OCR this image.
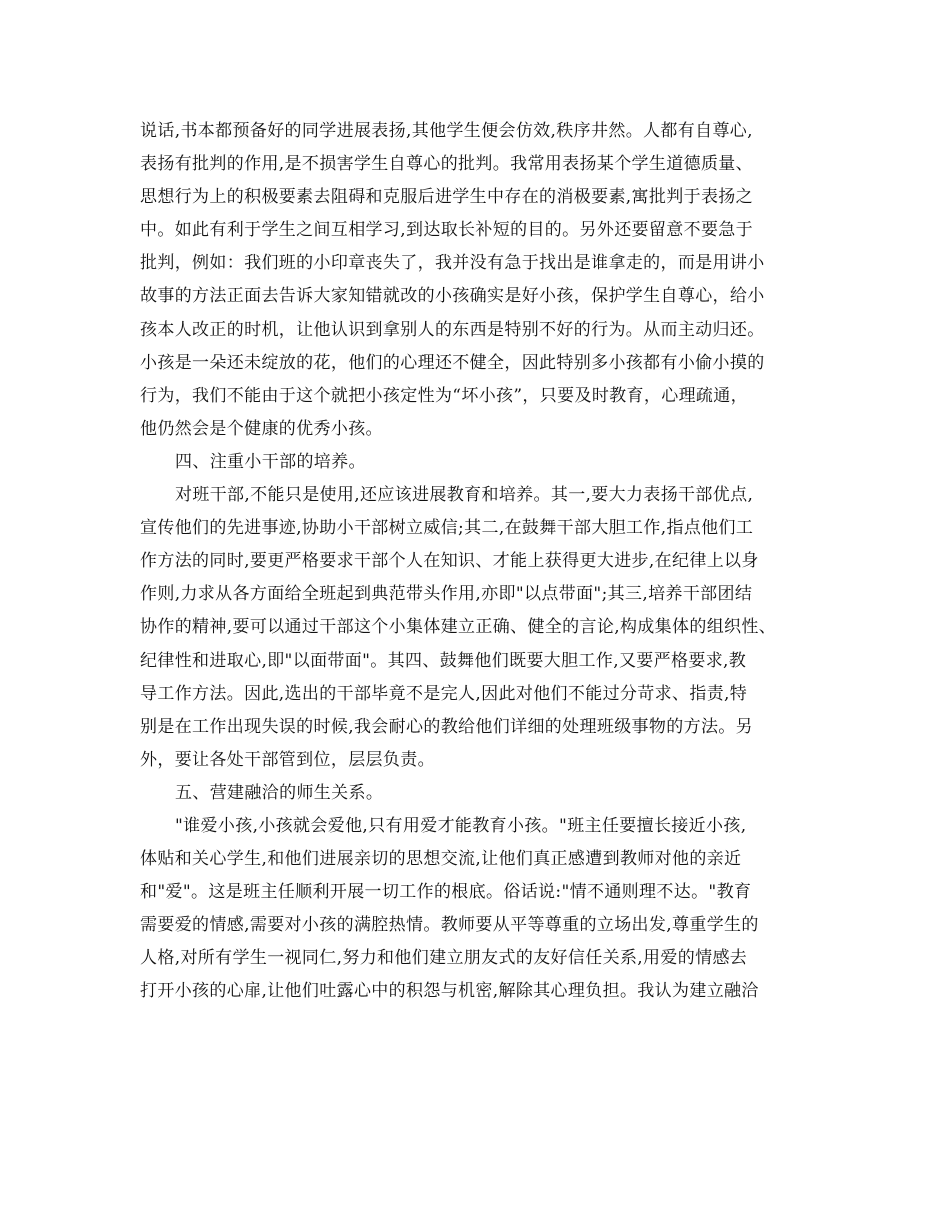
说话,书本都预备好的同学进展表扬,其他学生便会仿效,秩序井然。人都有自尊心,
表扬有批判的作用,是不损害学生自尊心的批判。我常用表扬某个学生道德质量、
思想行为上的积极要素去阻碍和克服后进学生中存在的消极要素,寓批判于表扬之
中。如此有利于学生之间互相学习,到达取长补短的目的。另外还要留意不要急于
批判，例如：我们班的小印章丧失了，我并没有急于找出是谁拿走的，而是用讲小
故事的方法正面去告诉大家知错就改的小孩确实是好小孩，保护学生自尊心，给小
孩本人改正的时机，让他认识到拿别人的东西是特别不好的行为。从而主动归还。
小孩是一朵还未绽放的花，他们的心理还不健全，因此特别多小孩都有小偷小摸的
行为，我们不能由于这个就把小孩定性为“坏小孩”，只要及时教育，心理疏通，
他仍然会是个健康的优秀小孩。
四、注重小干部的培养。
对班干部,不能只是使用,还应该进展教育和培养。其一,要大力表扬干部优点,
宣传他们的先进事迹,协助小干部树立威信;其二,在鼓舞干部大胆工作,指点他们工
作方法的同时,要更严格要求干部个人在知识、才能上获得更大进步,在纪律上以身
作则,力求从各方面给全班起到典范带头作用,亦即"以点带面";其三,培养干部团结
协作的精神,要可以通过干部这个小集体建立正确、健全的言论,构成集体的组织性、
纪律性和进取心,即"以面带面"。其四、鼓舞他们既要大胆工作,又要严格要求,教
导工作方法。因此,选出的干部毕竟不是完人,因此对他们不能过分苛求、指责,特
别是在工作出现失误的时候,我会耐心的教给他们详细的处理班级事物的方法。另
外，要让各处干部管到位，层层负责。
五、营建融洽的师生关系。
"谁爱小孩,小孩就会爱他,只有用爱才能教育小孩。"班主任要擅长接近小孩,
体贴和关心学生,和他们进展亲切的思想交流,让他们真正感遭到教师对他的亲近
和"爱"。这是班主任顺利开展一切工作的根底。俗话说:"情不通则理不达。"教育
需要爱的情感,需要对小孩的满腔热情。教师要从平等尊重的立场出发,尊重学生的
人格,对所有学生一视同仁,努力和他们建立朋友式的友好信任关系,用爱的情感去
打开小孩的心扉,让他们吐露心中的积怨与机密,解除其心理负担。我认为建立融洽
